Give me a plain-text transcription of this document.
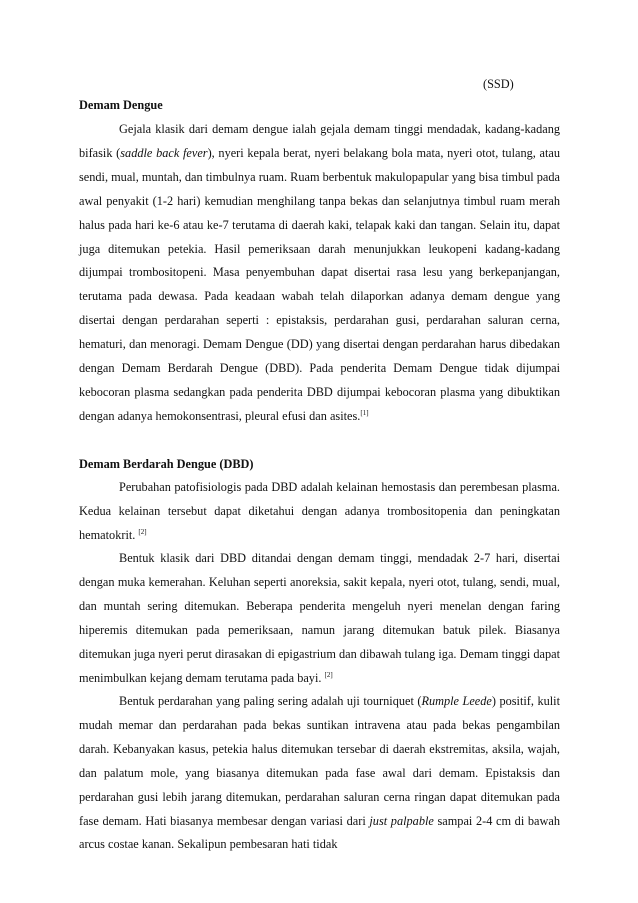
(SSD)
Demam Dengue

Gejala klasik dari demam dengue ialah gejala demam tinggi mendadak, kadang-kadang bifasik (saddle back fever), nyeri kepala berat, nyeri belakang bola mata, nyeri otot, tulang, atau sendi, mual, muntah, dan timbulnya ruam. Ruam berbentuk makulopapular yang bisa timbul pada awal penyakit (1-2 hari) kemudian menghilang tanpa bekas dan selanjutnya timbul ruam merah halus pada hari ke-6 atau ke-7 terutama di daerah kaki, telapak kaki dan tangan. Selain itu, dapat juga ditemukan petekia. Hasil pemeriksaan darah menunjukkan leukopeni kadang-kadang dijumpai trombositopeni. Masa penyembuhan dapat disertai rasa lesu yang berkepanjangan, terutama pada dewasa. Pada keadaan wabah telah dilaporkan adanya demam dengue yang disertai dengan perdarahan seperti : epistaksis, perdarahan gusi, perdarahan saluran cerna, hematuri, dan menoragi. Demam Dengue (DD) yang disertai dengan perdarahan harus dibedakan dengan Demam Berdarah Dengue (DBD). Pada penderita Demam Dengue tidak dijumpai kebocoran plasma sedangkan pada penderita DBD dijumpai kebocoran plasma yang dibuktikan dengan adanya hemokonsentrasi, pleural efusi dan asites.[1]

Demam Berdarah Dengue (DBD)

Perubahan patofisiologis pada DBD adalah kelainan hemostasis dan perembesan plasma. Kedua kelainan tersebut dapat diketahui dengan adanya trombositopenia dan peningkatan hematokrit. [2]

Bentuk klasik dari DBD ditandai dengan demam tinggi, mendadak 2-7 hari, disertai dengan muka kemerahan. Keluhan seperti anoreksia, sakit kepala, nyeri otot, tulang, sendi, mual, dan muntah sering ditemukan. Beberapa penderita mengeluh nyeri menelan dengan faring hiperemis ditemukan pada pemeriksaan, namun jarang ditemukan batuk pilek. Biasanya ditemukan juga nyeri perut dirasakan di epigastrium dan dibawah tulang iga. Demam tinggi dapat menimbulkan kejang demam terutama pada bayi. [2]

Bentuk perdarahan yang paling sering adalah uji tourniquet (Rumple Leede) positif, kulit mudah memar dan perdarahan pada bekas suntikan intravena atau pada bekas pengambilan darah. Kebanyakan kasus, petekia halus ditemukan tersebar di daerah ekstremitas, aksila, wajah, dan palatum mole, yang biasanya ditemukan pada fase awal dari demam. Epistaksis dan perdarahan gusi lebih jarang ditemukan, perdarahan saluran cerna ringan dapat ditemukan pada fase demam. Hati biasanya membesar dengan variasi dari just palpable sampai 2-4 cm di bawah arcus costae kanan. Sekalipun pembesaran hati tidak
